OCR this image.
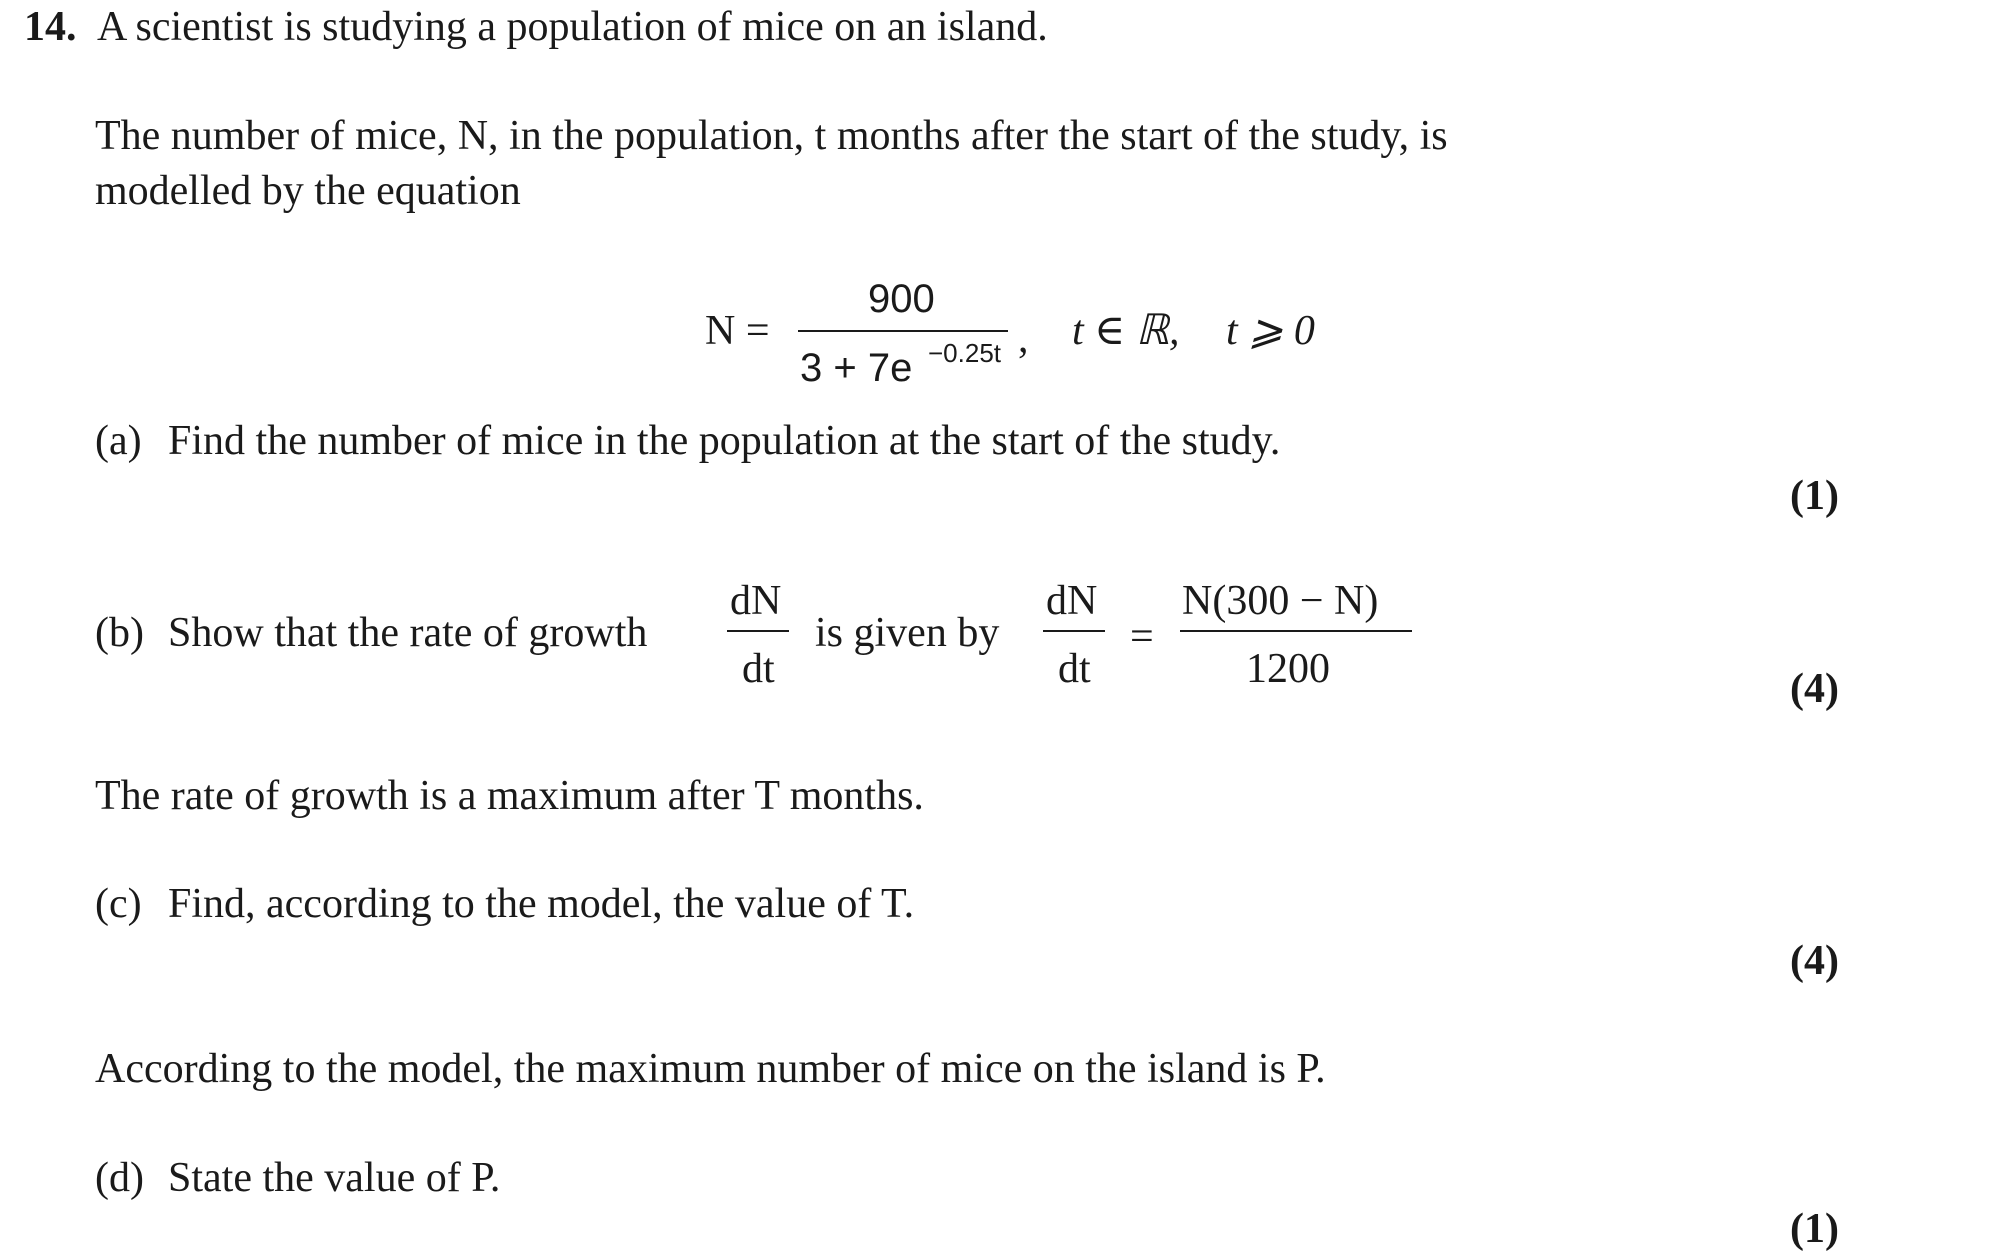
14. A scientist is studying a population of mice on an island.
The number of mice, N, in the population, t months after the start of the study, is
modelled by the equation
N =
900
3 + 7e −0.25t , t ∈ ℝ, t ⩾ 0
(a) Find the number of mice in the population at the start of the study.
(1)
(b) Show that the rate of growth
dN
dt
is given by
dN
dt
=
N(300 − N)
1200	(4)
The rate of growth is a maximum after T months.
(c) Find, according to the model, the value of T.
(4)
According to the model, the maximum number of mice on the island is P.
(d) State the value of P.
(1)
